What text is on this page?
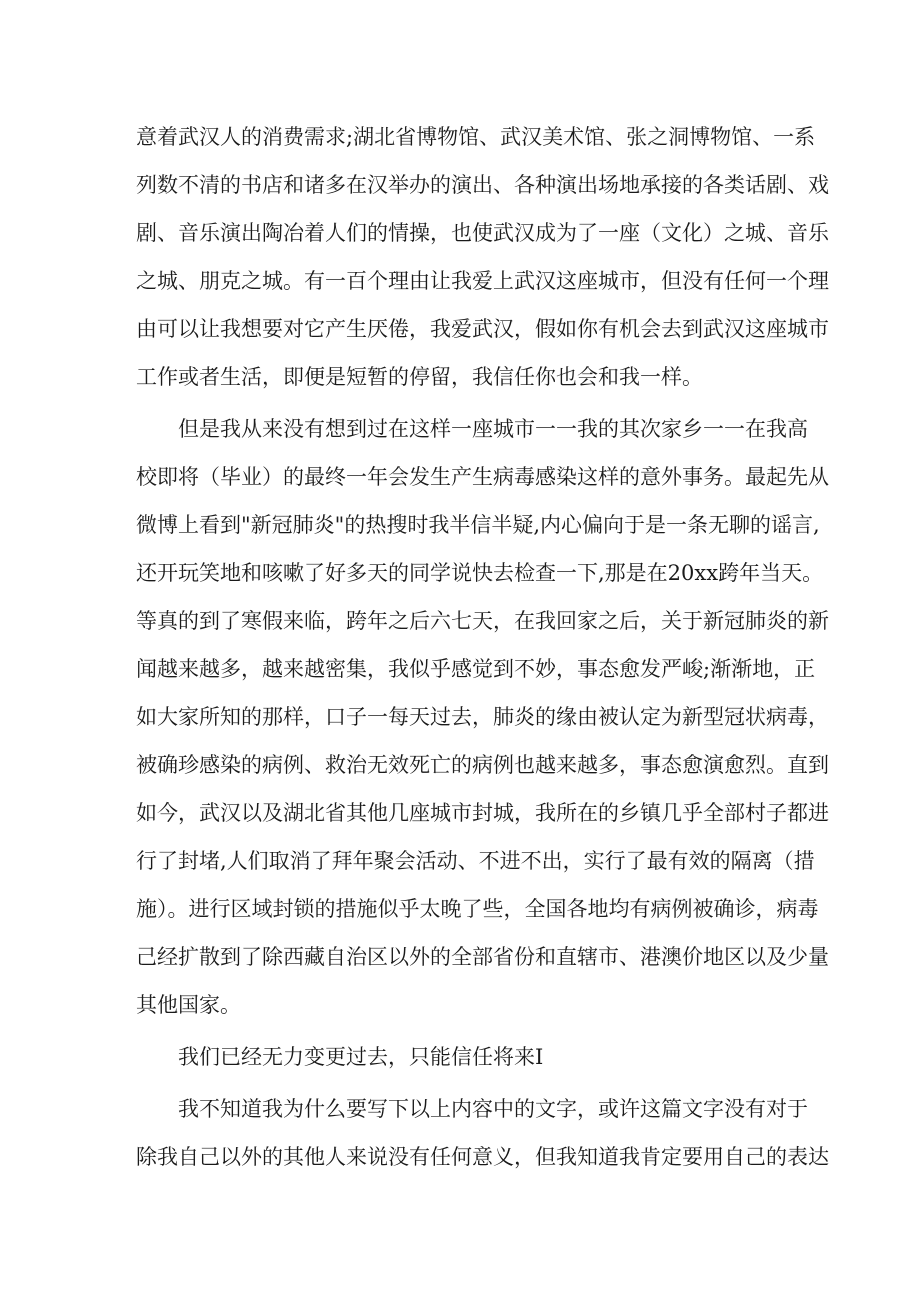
意着武汉人的消费需求;湖北省博物馆、武汉美术馆、张之洞博物馆、一系
列数不清的书店和诸多在汉举办的演出、各种演出场地承接的各类话剧、戏
剧、音乐演出陶冶着人们的情操，也使武汉成为了一座（文化）之城、音乐
之城、朋克之城。有一百个理由让我爱上武汉这座城市，但没有任何一个理
由可以让我想要对它产生厌倦，我爱武汉，假如你有机会去到武汉这座城市
工作或者生活，即便是短暂的停留，我信任你也会和我一样。
但是我从来没有想到过在这样一座城市一一我的其次家乡一一在我高
校即将（毕业）的最终一年会发生产生病毒感染这样的意外事务。最起先从
微博上看到"新冠肺炎"的热搜时我半信半疑,内心偏向于是一条无聊的谣言,
还开玩笑地和咳嗽了好多天的同学说快去检查一下,那是在20xx跨年当天。
等真的到了寒假来临，跨年之后六七天，在我回家之后，关于新冠肺炎的新
闻越来越多，越来越密集，我似乎感觉到不妙，事态愈发严峻;渐渐地，正
如大家所知的那样，口子一每天过去，肺炎的缘由被认定为新型冠状病毒，
被确珍感染的病例、救治无效死亡的病例也越来越多，事态愈演愈烈。直到
如今，武汉以及湖北省其他几座城市封城，我所在的乡镇几乎全部村子都进
行了封堵,人们取消了拜年聚会活动、不进不出，实行了最有效的隔离（措
施）。进行区域封锁的措施似乎太晚了些，全国各地均有病例被确诊，病毒
己经扩散到了除西藏自治区以外的全部省份和直辖市、港澳价地区以及少量
其他国家。
我们已经无力变更过去，只能信任将来I
我不知道我为什么要写下以上内容中的文字，或许这篇文字没有对于
除我自己以外的其他人来说没有任何意义，但我知道我肯定要用自己的表达
